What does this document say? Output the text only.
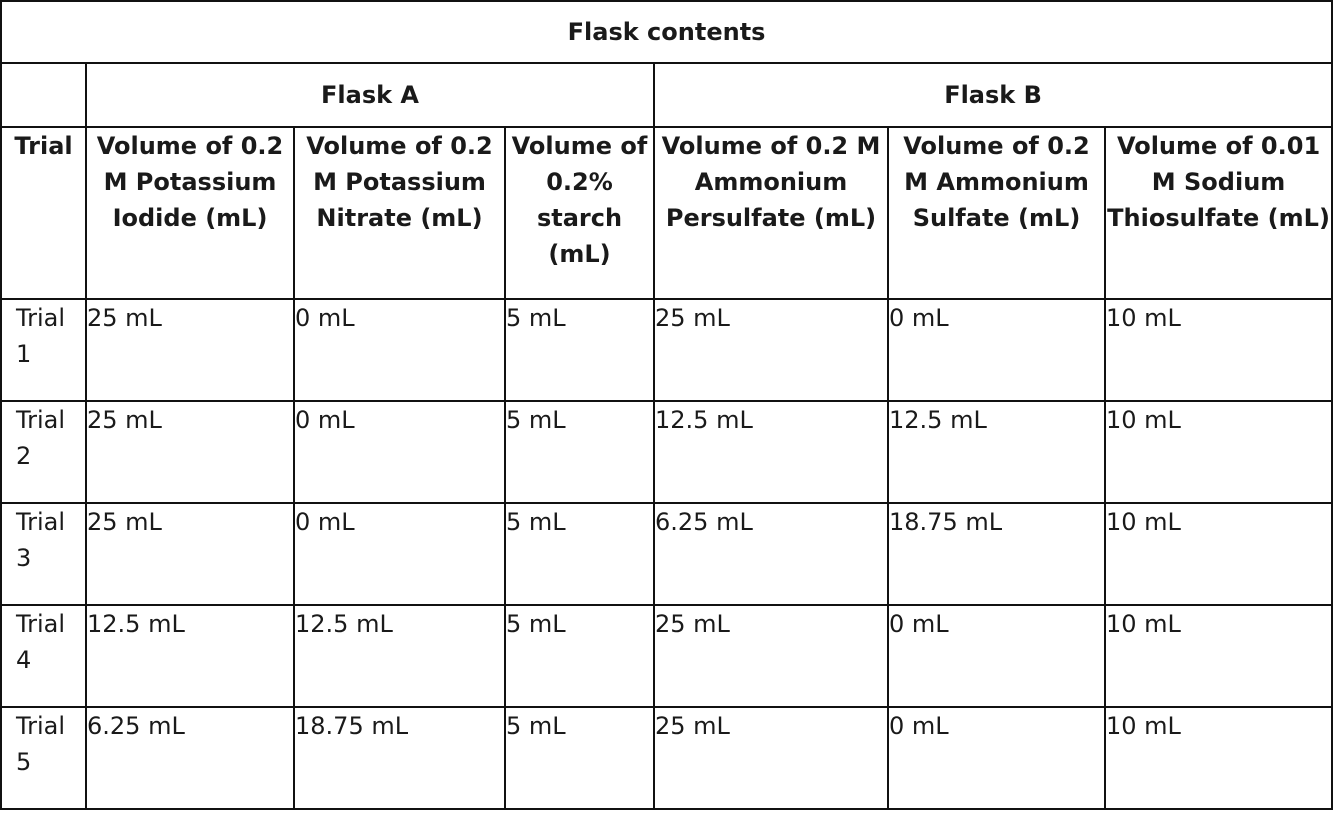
Flask contents						
	Flask A			Flask B		
Trial	Volume of 0.2 M Potassium Iodide (mL)	Volume of 0.2 M Potassium Nitrate (mL)	Volume of 0.2% starch (mL)	Volume of 0.2 M Ammonium Persulfate (mL)	Volume of 0.2 M Ammonium Sulfate (mL)	Volume of 0.01 M Sodium Thiosulfate (mL)
Trial 1	25 mL	0 mL	5 mL	25 mL	0 mL	10 mL
Trial 2	25 mL	0 mL	5 mL	12.5 mL	12.5 mL	10 mL
Trial 3	25 mL	0 mL	5 mL	6.25 mL	18.75 mL	10 mL
Trial 4	12.5 mL	12.5 mL	5 mL	25 mL	0 mL	10 mL
Trial 5	6.25 mL	18.75 mL	5 mL	25 mL	0 mL	10 mL
